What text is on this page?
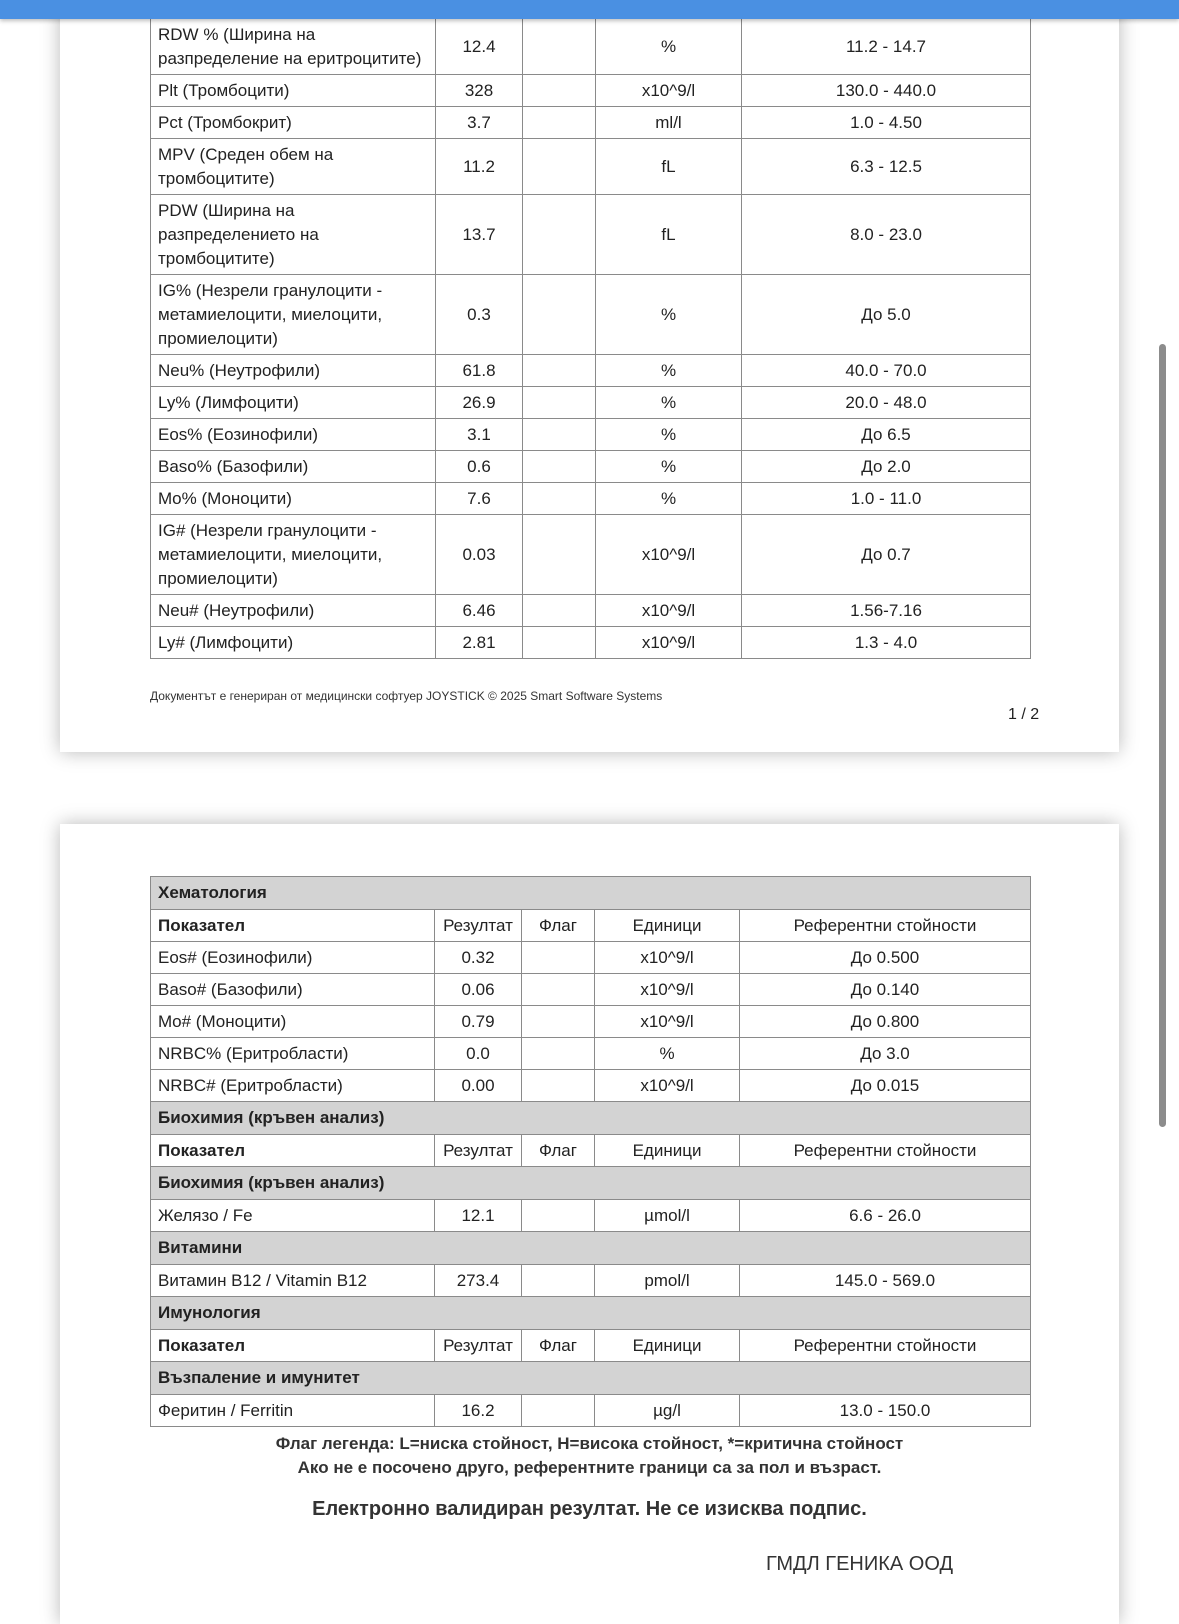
RDW % (Ширина на разпределение на еритроцитите)	12.4		%	11.2 - 14.7
Plt (Тромбоцити)	328		x10^9/l	130.0 - 440.0
Pct (Тромбокрит)	3.7		ml/l	1.0 - 4.50
MPV (Среден обем на тромбоцитите)	11.2		fL	6.3 - 12.5
PDW (Ширина на разпределението на тромбоцитите)	13.7		fL	8.0 - 23.0
IG% (Незрели гранулоцити - метамиелоцити, миелоцити, промиелоцити)	0.3		%	До 5.0
Neu% (Неутрофили)	61.8		%	40.0 - 70.0
Ly% (Лимфоцити)	26.9		%	20.0 - 48.0
Eos% (Еозинофили)	3.1		%	До 6.5
Baso% (Базофили)	0.6		%	До 2.0
Mo% (Моноцити)	7.6		%	1.0 - 11.0
IG# (Незрели гранулоцити - метамиелоцити, миелоцити, промиелоцити)	0.03		x10^9/l	До 0.7
Neu# (Неутрофили)	6.46		x10^9/l	1.56-7.16
Ly# (Лимфоцити)	2.81		x10^9/l	1.3 - 4.0
Документът е генериран от медицински софтуер JOYSTICK © 2025 Smart Software Systems
1 / 2
Хематология				
Показател	Резултат	Флаг	Единици	Референтни стойности
Eos# (Еозинофили)	0.32		x10^9/l	До 0.500
Baso# (Базофили)	0.06		x10^9/l	До 0.140
Mo# (Моноцити)	0.79		x10^9/l	До 0.800
NRBC% (Еритробласти)	0.0		%	До 3.0
NRBC# (Еритробласти)	0.00		x10^9/l	До 0.015
Биохимия (кръвен анализ)				
Показател	Резултат	Флаг	Единици	Референтни стойности
Биохимия (кръвен анализ)				
Желязо / Fe	12.1		µmol/l	6.6 - 26.0
Витамини				
Витамин B12 / Vitamin B12	273.4		pmol/l	145.0 - 569.0
Имунология				
Показател	Резултат	Флаг	Единици	Референтни стойности
Възпаление и имунитет				
Феритин / Ferritin	16.2		µg/l	13.0 - 150.0
Флаг легенда: L=ниска стойност, H=висока стойност, *=критична стойност
Ако не е посочено друго, референтните граници са за пол и възраст.
Електронно валидиран резултат. Не се изисква подпис.
ГМДЛ ГЕНИКА ООД
